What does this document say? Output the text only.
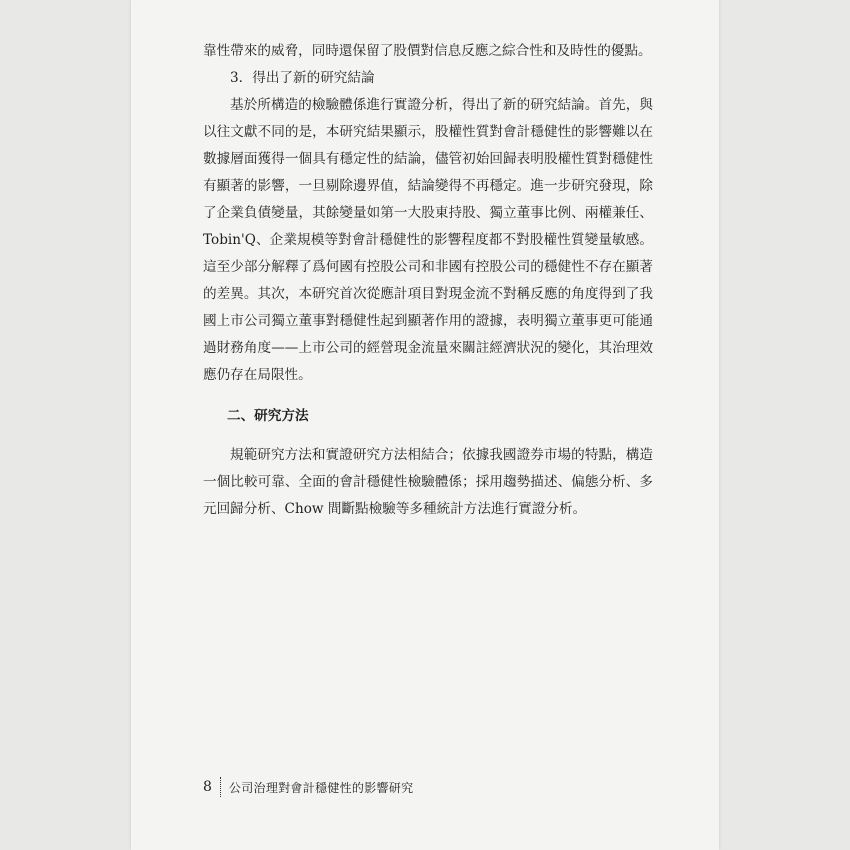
靠性帶來的威脅，同時還保留了股價對信息反應之綜合性和及時性的優點。

3．得出了新的研究結論

基於所構造的檢驗體係進行實證分析，得出了新的研究結論。首先，與以往文獻不同的是，本研究結果顯示，股權性質對會計穩健性的影響難以在數據層面獲得一個具有穩定性的結論，儘管初始回歸表明股權性質對穩健性有顯著的影響，一旦剔除邊界值，結論變得不再穩定。進一步研究發現，除了企業負債變量，其餘變量如第一大股東持股、獨立董事比例、兩權兼任、Tobin'Q、企業規模等對會計穩健性的影響程度都不對股權性質變量敏感。這至少部分解釋了爲何國有控股公司和非國有控股公司的穩健性不存在顯著的差異。其次，本研究首次從應計項目對現金流不對稱反應的角度得到了我國上市公司獨立董事對穩健性起到顯著作用的證據，表明獨立董事更可能通過財務角度——上市公司的經營現金流量來關註經濟狀況的變化，其治理效應仍存在局限性。

二、研究方法

規範研究方法和實證研究方法相結合；依據我國證券市場的特點，構造一個比較可靠、全面的會計穩健性檢驗體係；採用趨勢描述、偏態分析、多元回歸分析、Chow 間斷點檢驗等多種統計方法進行實證分析。

8 公司治理對會計穩健性的影響研究
